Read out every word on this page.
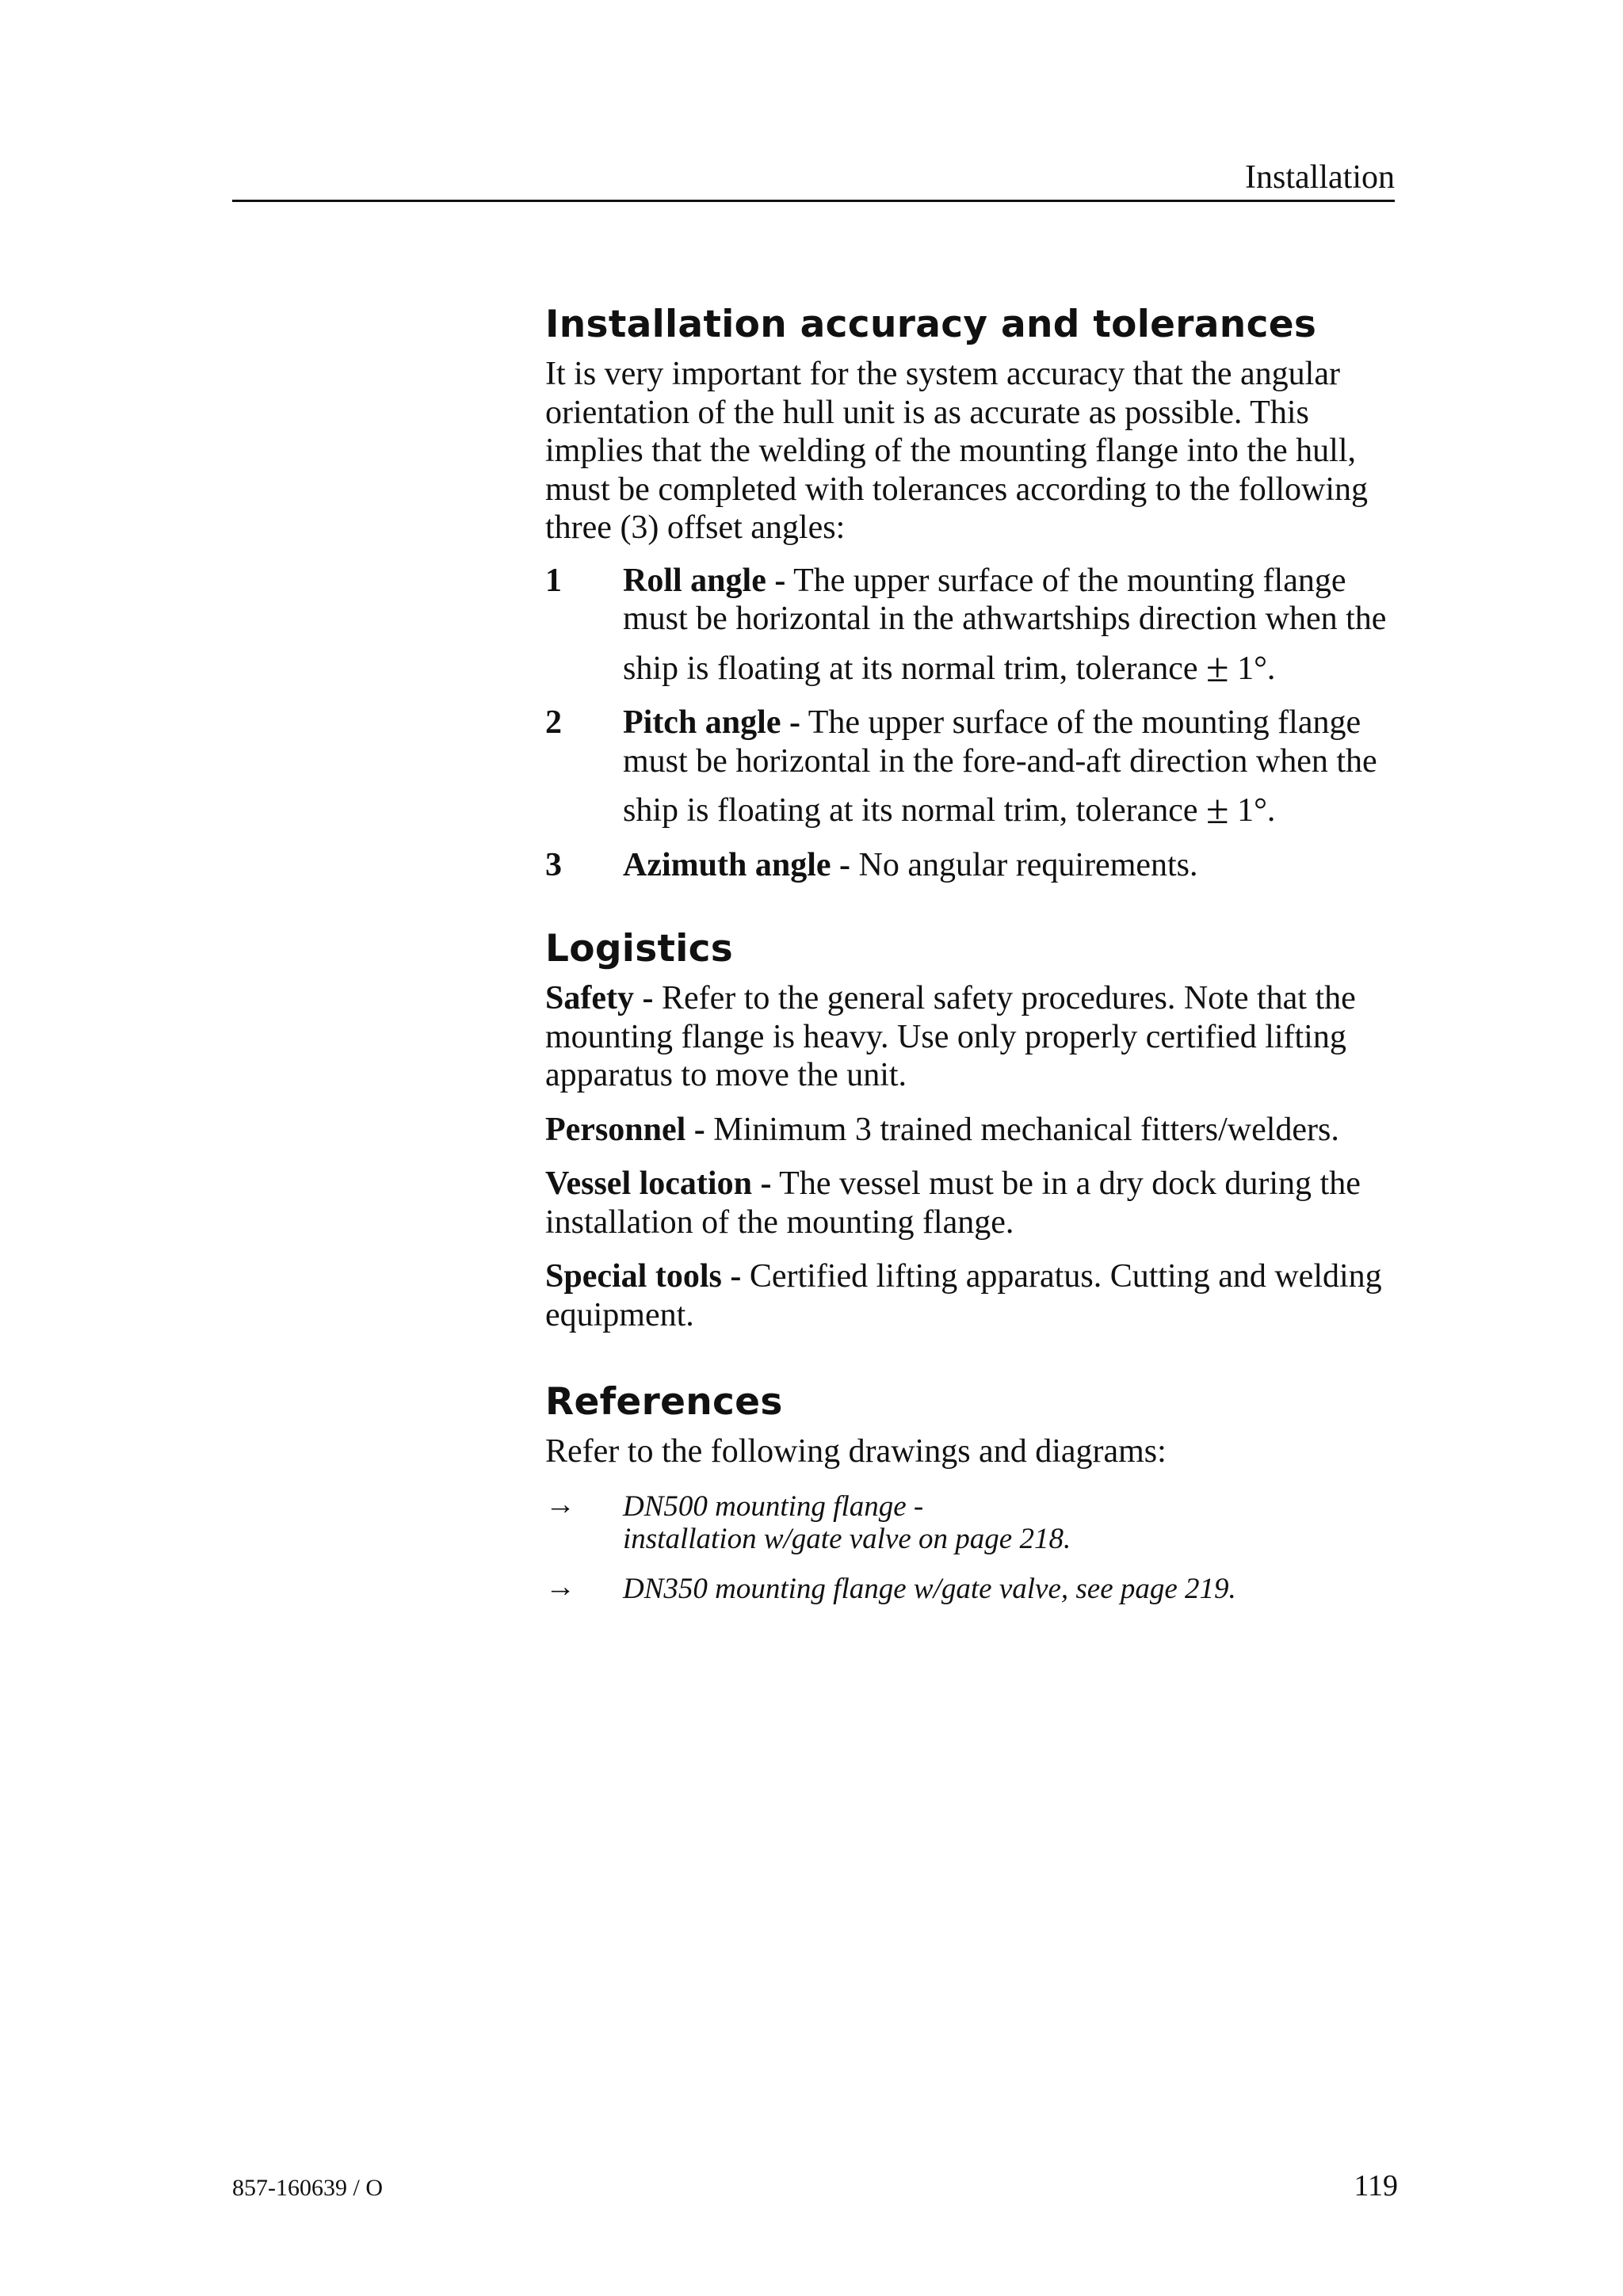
Installation
Installation accuracy and tolerances

It is very important for the system accuracy that the angular orientation of the hull unit is as accurate as possible. This implies that the welding of the mounting flange into the hull, must be completed with tolerances according to the following three (3) offset angles:

1 Roll angle - The upper surface of the mounting flange must be horizontal in the athwartships direction when the
ship is floating at its normal trim, tolerance ± 1°.
2 Pitch angle - The upper surface of the mounting flange must be horizontal in the fore-and-aft direction when the
ship is floating at its normal trim, tolerance ± 1°.
3 Azimuth angle - No angular requirements.
Logistics

Safety - Refer to the general safety procedures. Note that the mounting flange is heavy. Use only properly certified lifting apparatus to move the unit.

Personnel - Minimum 3 trained mechanical fitters/welders.

Vessel location - The vessel must be in a dry dock during the installation of the mounting flange.

Special tools - Certified lifting apparatus. Cutting and welding equipment.

References

Refer to the following drawings and diagrams:

→ DN500 mounting flange -
installation w/gate valve on page 218.
→ DN350 mounting flange w/gate valve, see page 219.
857-160639 / O	119
